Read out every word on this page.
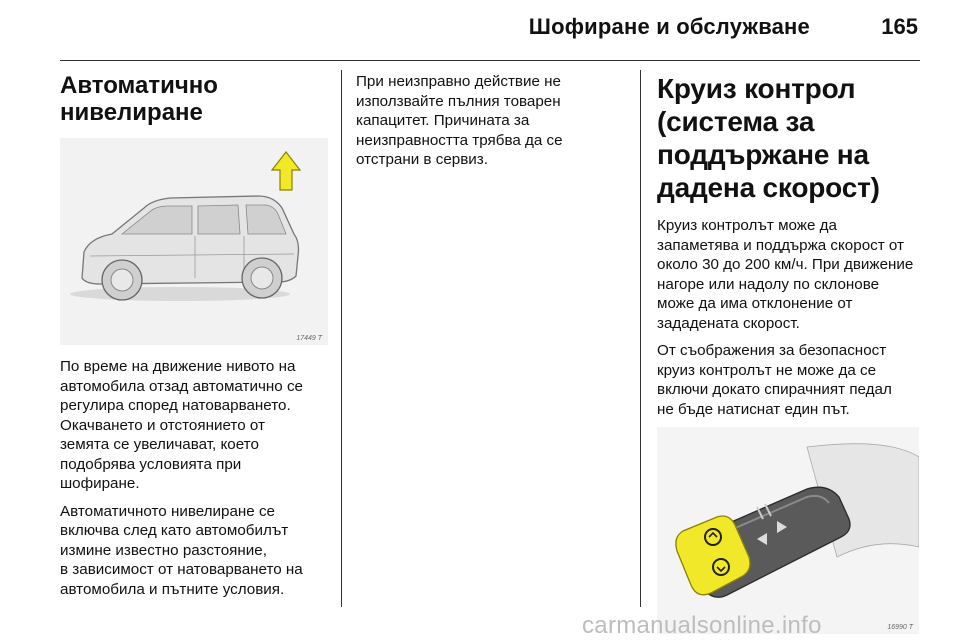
Шофиране и обслужване	165
Автоматично
нивелиране
17449 T

По време на движение нивото на
автомобила отзад автоматично се
регулира според натоварването.
Окачването и отстоянието от
земята се увеличават, което
подобрява условията при
шофиране.

Автоматичното нивелиране се
включва след като автомобилът
измине известно разстояние,
в зависимост от натоварването на
автомобила и пътните условия.

При неизправно действие не
използвайте пълния товарен
капацитет. Причината за
неизправността трябва да се
отстрани в сервиз.

Круиз контрол
(система за
поддържане на
дадена скорост)

Круиз контролът може да
запаметява и поддържа скорост от
около 30 до 200 км/ч. При движение
нагоре или надолу по склонове
може да има отклонение от
зададената скорост.

От съображения за безопасност
круиз контролът не може да се
включи докато спирачният педал
не бъде натиснат един път.

16990 T
carmanualsonline.info
